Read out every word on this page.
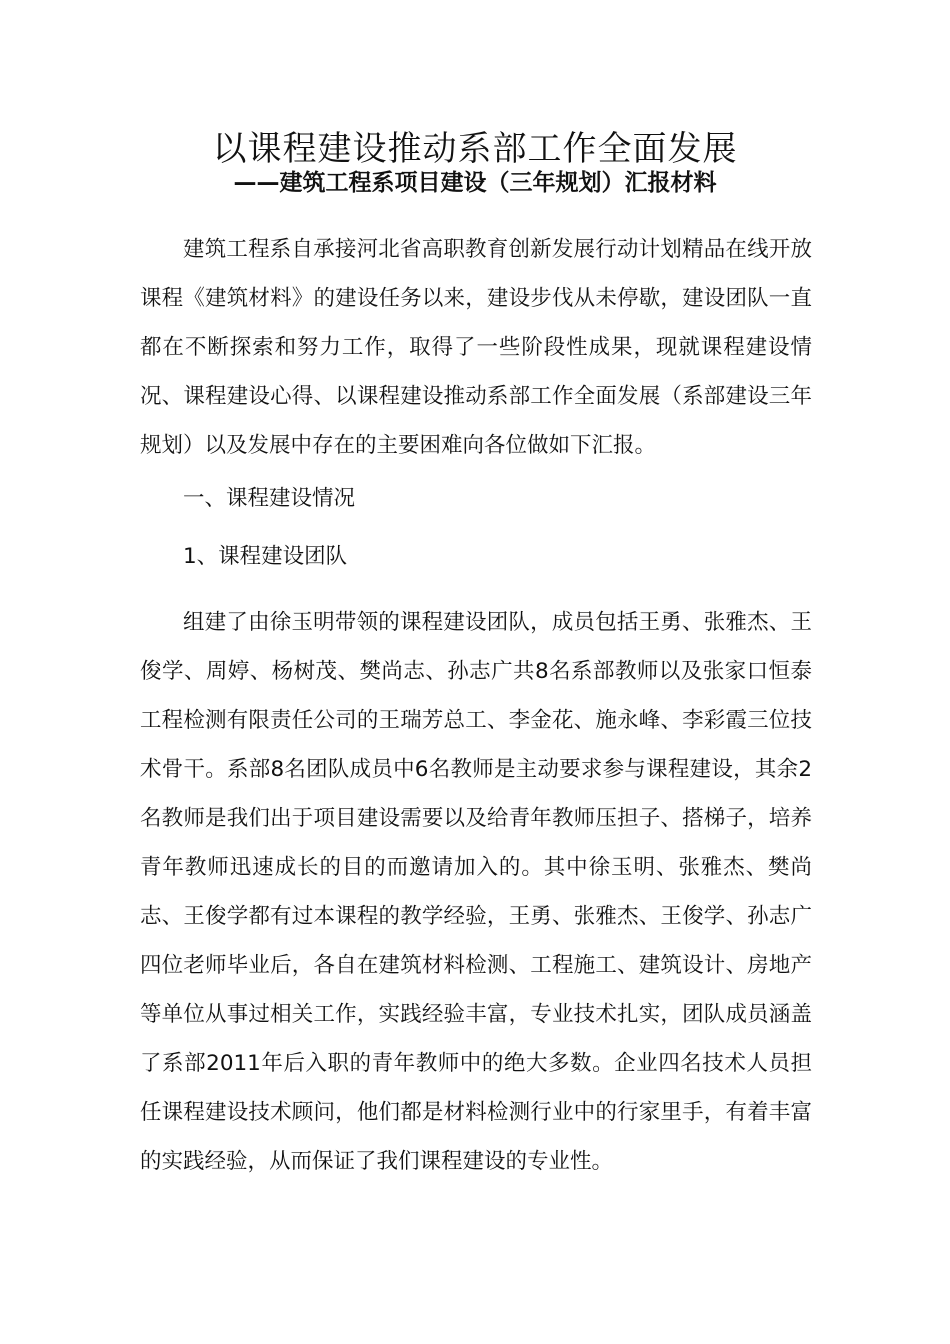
以课程建设推动系部工作全面发展
——建筑工程系项目建设（三年规划）汇报材料

建筑工程系自承接河北省高职教育创新发展行动计划精品在线开放课程《建筑材料》的建设任务以来，建设步伐从未停歇，建设团队一直都在不断探索和努力工作，取得了一些阶段性成果，现就课程建设情况、课程建设心得、以课程建设推动系部工作全面发展（系部建设三年规划）以及发展中存在的主要困难向各位做如下汇报。

一、课程建设情况

1、课程建设团队

组建了由徐玉明带领的课程建设团队，成员包括王勇、张雅杰、王俊学、周婷、杨树茂、樊尚志、孙志广共8名系部教师以及张家口恒泰工程检测有限责任公司的王瑞芳总工、李金花、施永峰、李彩霞三位技术骨干。系部8名团队成员中6名教师是主动要求参与课程建设，其余2名教师是我们出于项目建设需要以及给青年教师压担子、搭梯子，培养青年教师迅速成长的目的而邀请加入的。其中徐玉明、张雅杰、樊尚志、王俊学都有过本课程的教学经验，王勇、张雅杰、王俊学、孙志广四位老师毕业后，各自在建筑材料检测、工程施工、建筑设计、房地产等单位从事过相关工作，实践经验丰富，专业技术扎实，团队成员涵盖了系部2011年后入职的青年教师中的绝大多数。企业四名技术人员担任课程建设技术顾问，他们都是材料检测行业中的行家里手，有着丰富的实践经验，从而保证了我们课程建设的专业性。
